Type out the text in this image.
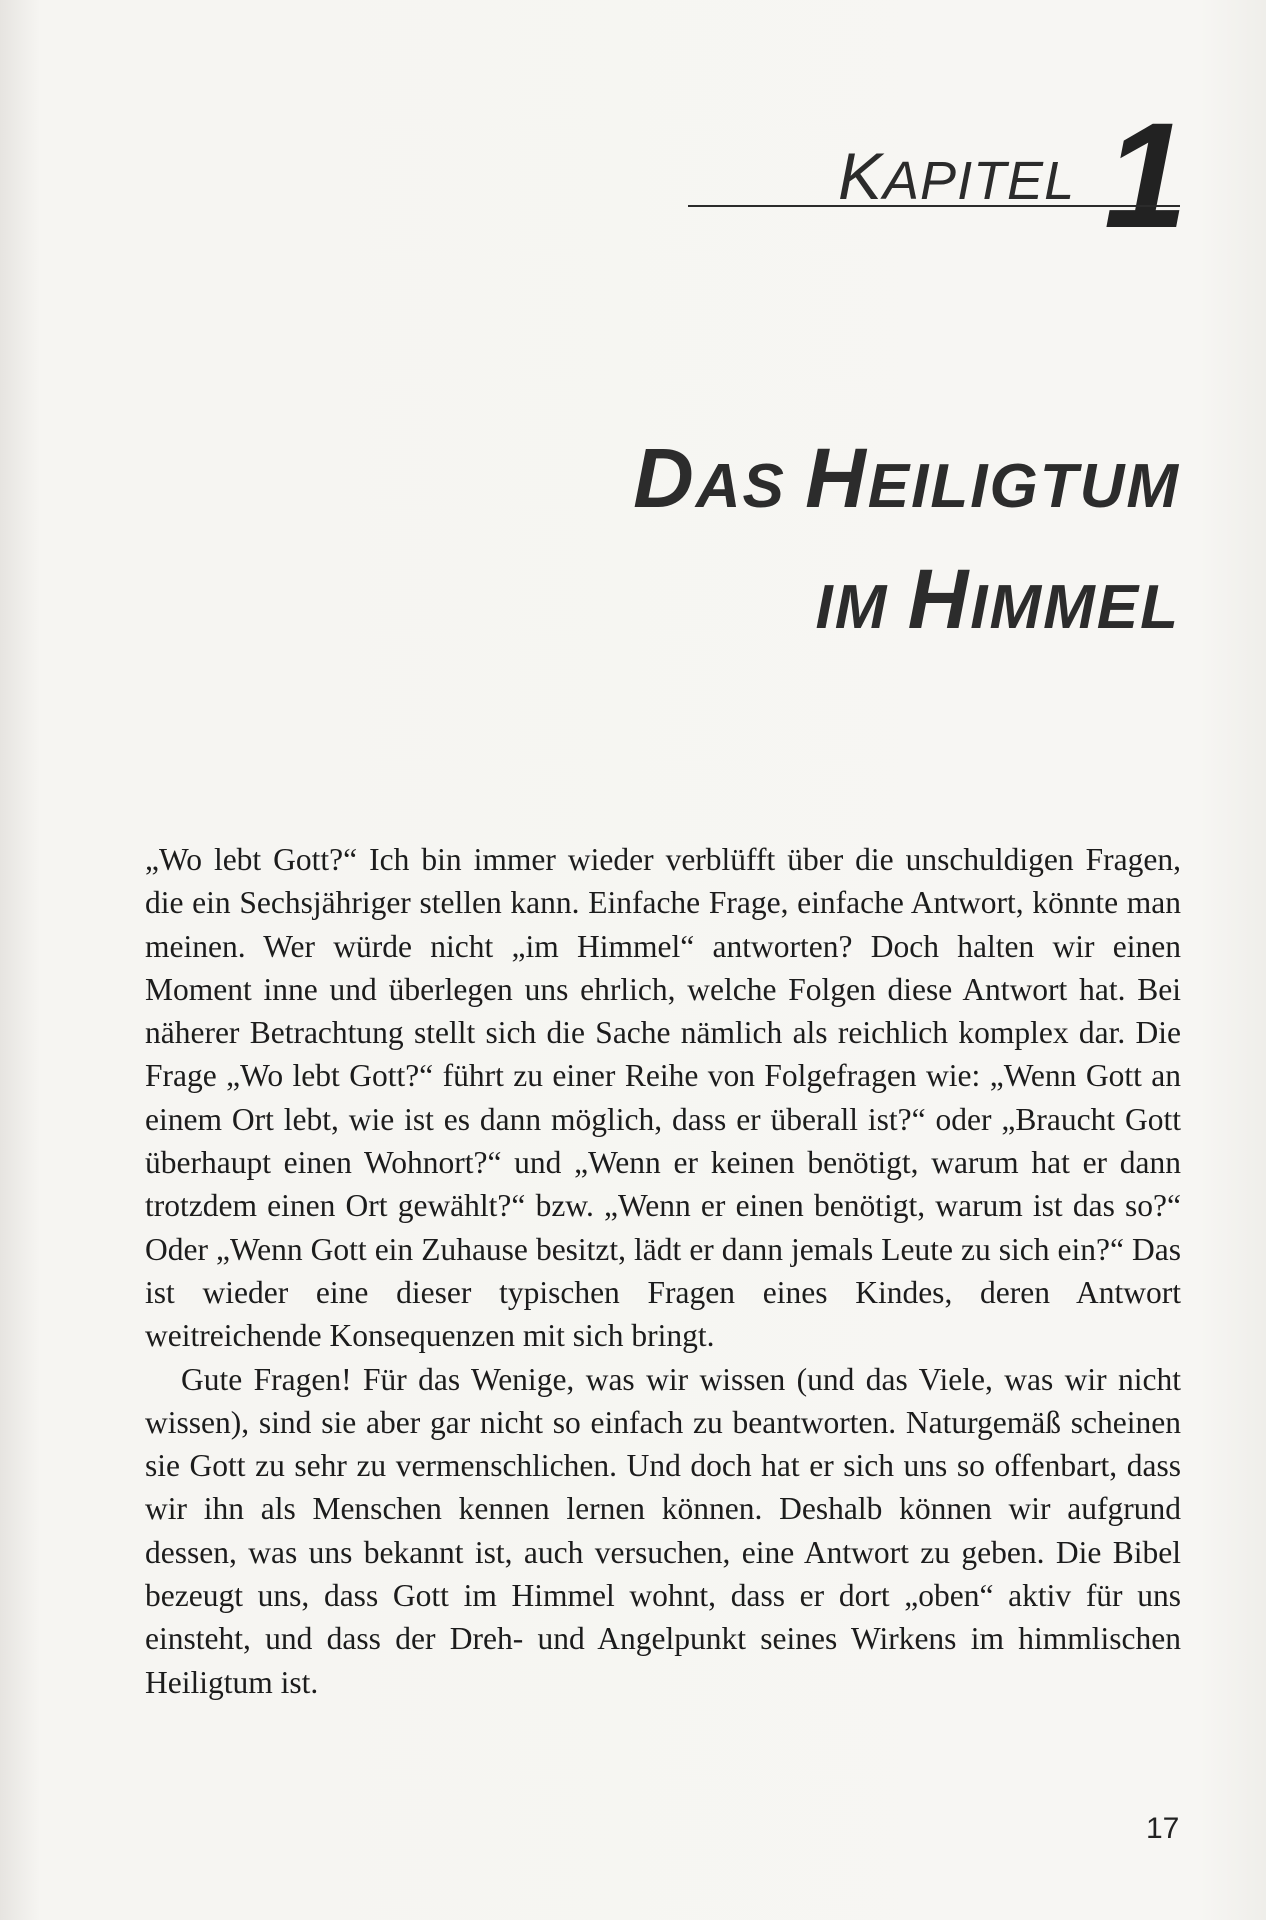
KAPITEL 1
DAS HEILIGTUM
IM HIMMEL

„Wo lebt Gott?“ Ich bin immer wieder verblüfft über die unschuldigen Fragen, die ein Sechsjähriger stellen kann. Einfache Frage, einfache Antwort, könnte man meinen. Wer würde nicht „im Himmel“ antworten? Doch halten wir einen Moment inne und überlegen uns ehrlich, welche Folgen diese Antwort hat. Bei näherer Betrachtung stellt sich die Sache nämlich als reichlich komplex dar. Die Frage „Wo lebt Gott?“ führt zu einer Reihe von Folgefragen wie: „Wenn Gott an einem Ort lebt, wie ist es dann möglich, dass er überall ist?“ oder „Braucht Gott überhaupt einen Wohnort?“ und „Wenn er keinen benötigt, warum hat er dann trotzdem einen Ort gewählt?“ bzw. „Wenn er einen benötigt, warum ist das so?“ Oder „Wenn Gott ein Zuhause besitzt, lädt er dann jemals Leute zu sich ein?“ Das ist wieder eine dieser typischen Fragen eines Kindes, deren Antwort weitreichende Konsequenzen mit sich bringt.

Gute Fragen! Für das Wenige, was wir wissen (und das Viele, was wir nicht wissen), sind sie aber gar nicht so einfach zu beantworten. Naturgemäß scheinen sie Gott zu sehr zu vermenschlichen. Und doch hat er sich uns so offenbart, dass wir ihn als Menschen kennen lernen können. Deshalb können wir aufgrund dessen, was uns bekannt ist, auch versuchen, eine Antwort zu geben. Die Bibel bezeugt uns, dass Gott im Himmel wohnt, dass er dort „oben“ aktiv für uns einsteht, und dass der Dreh- und Angelpunkt seines Wirkens im himmlischen Heiligtum ist.

17
